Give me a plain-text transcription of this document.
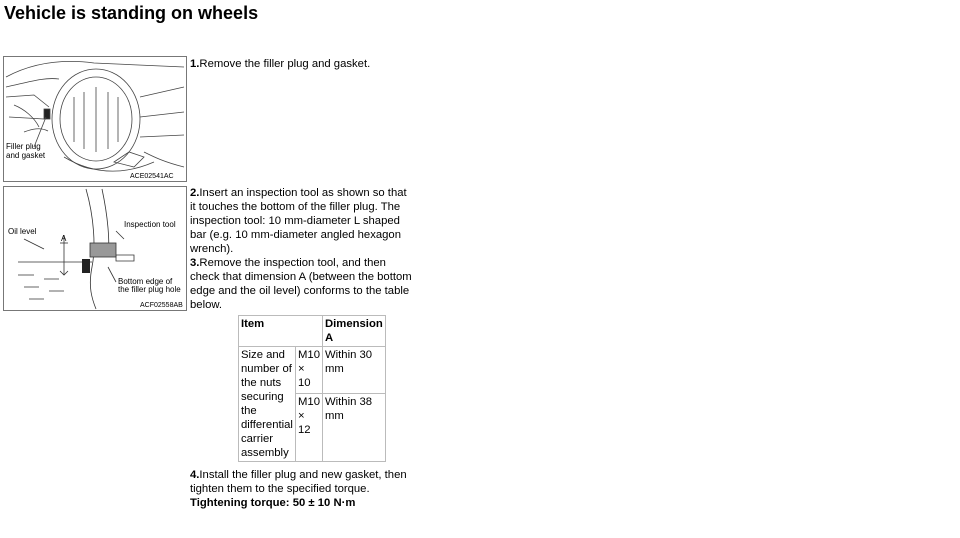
Vehicle is standing on wheels
Filler plug
and gasket
ACE02541AC
Oil level
Inspection tool
A
Bottom edge of
the filler plug hole
ACF02558AB
1.Remove the filler plug and gasket.
2.Insert an inspection tool as shown so that it touches the bottom of the filler plug. The inspection tool: 10 mm-diameter L shaped bar (e.g. 10 mm-diameter angled hexagon wrench).
3.Remove the inspection tool, and then check that dimension A (between the bottom edge and the oil level) conforms to the table below.
Item		Dimension A
Size and number of the nuts securing the differential carrier assembly	M10 × 10	Within 30 mm
	M10 × 12	Within 38 mm
4.Install the filler plug and new gasket, then tighten them to the specified torque.
Tightening torque: 50 ± 10 N·m
